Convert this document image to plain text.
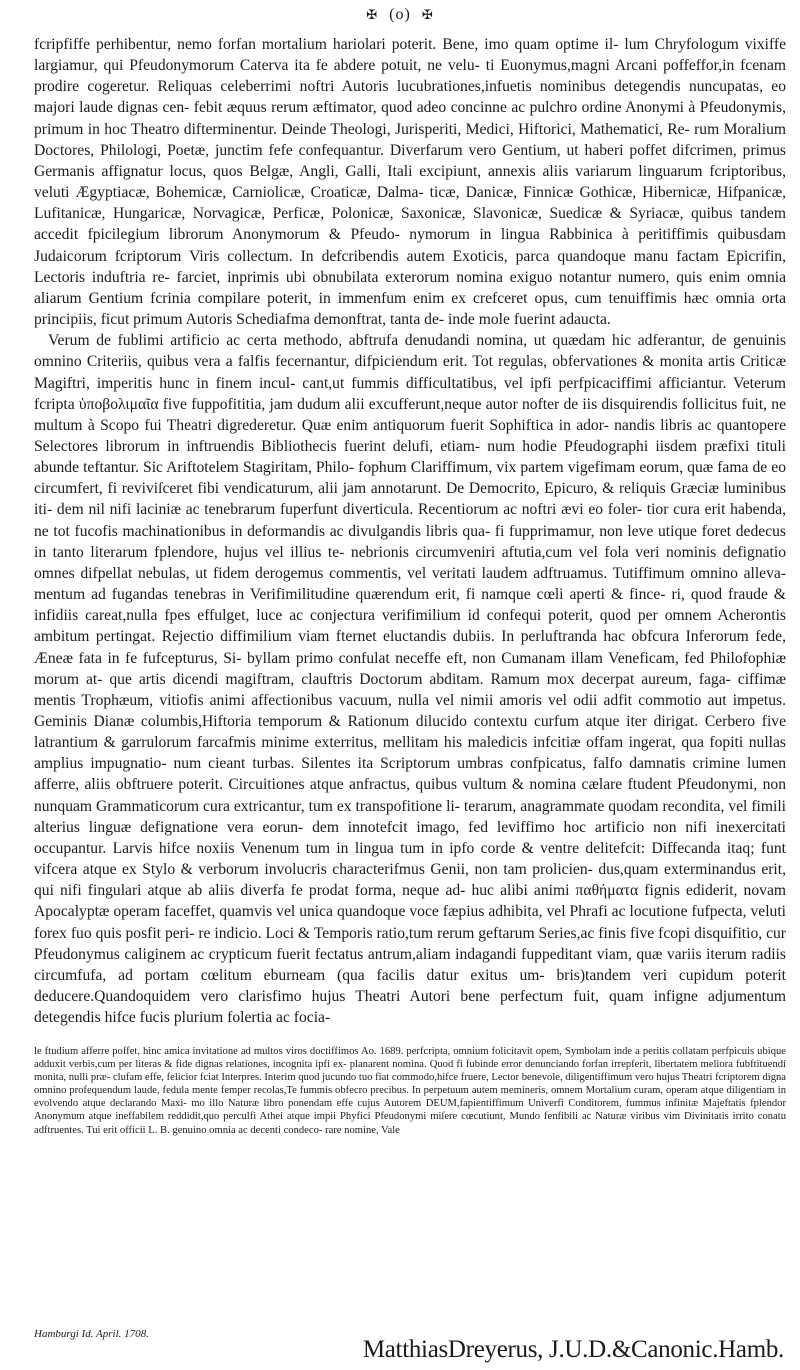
✠ (o) ✠

fcripfiffe perhibentur, nemo forfan mortalium hariolari poterit. Bene, imo quam optime il- lum Chryfologum vixiffe largiamur, qui Pfeudonymorum Caterva ita fe abdere potuit, ne velu- ti Euonymus,magni Arcani poffeffor,in fcenam prodire cogeretur. Reliquas celeberrimi noftri Autoris lucubrationes,infuetis nominibus detegendis nuncupatas, eo majori laude dignas cen- febit æquus rerum æftimator, quod adeo concinne ac pulchro ordine Anonymi à Pfeudonymis, primum in hoc Theatro difterminentur. Deinde Theologi, Jurisperiti, Medici, Hiftorici, Mathematici, Re- rum Moralium Doctores, Philologi, Poetæ, junctim fefe confequantur. Diverfarum vero Gentium, ut haberi poffet difcrimen, primus Germanis affignatur locus, quos Belgæ, Angli, Galli, Itali excipiunt, annexis aliis variarum linguarum fcriptoribus, veluti Ægyptiacæ, Bohemicæ, Carniolicæ, Croaticæ, Dalma- ticæ, Danicæ, Finnicæ Gothicæ, Hibernicæ, Hifpanicæ, Lufitanicæ, Hungaricæ, Norvagicæ, Perficæ, Polonicæ, Saxonicæ, Slavonicæ, Suedicæ & Syriacæ, quibus tandem accedit fpicilegium librorum Anonymorum & Pfeudo- nymorum in lingua Rabbinica à peritiffimis quibusdam Judaicorum fcriptorum Viris collectum. In defcribendis autem Exoticis, parca quandoque manu factam Epicrifin, Lectoris induftria re- farciet, inprimis ubi obnubilata exterorum nomina exiguo notantur numero, quis enim omnia aliarum Gentium fcrinia compilare poterit, in immenfum enim ex crefceret opus, cum tenuiffimis hæc omnia orta principiis, ficut primum Autoris Schediafma demonftrat, tanta de- inde mole fuerint adaucta.

Verum de fublimi artificio ac certa methodo, abftrufa denudandi nomina, ut quædam hic adferantur, de genuinis omnino Criteriis, quibus vera a falfis fecernantur, difpiciendum erit. Tot regulas, obfervationes & monita artis Criticæ Magiftri, imperitis hunc in finem incul- cant,ut fummis difficultatibus, vel ipfi perfpicaciffimi afficiantur. Veterum fcripta ὑποβολιμαῖα five fuppofititia, jam dudum alii excufferunt,neque autor nofter de iis disquirendis follicitus fuit, ne multum à Scopo fui Theatri digrederetur. Quæ enim antiquorum fuerit Sophiftica in ador- nandis libris ac quantopere Selectores librorum in inftruendis Bibliothecis fuerint delufi, etiam- num hodie Pfeudographi iisdem præfixi tituli abunde teftantur. Sic Ariftotelem Stagiritam, Philo- fophum Clariffimum, vix partem vigefimam eorum, quæ fama de eo circumfert, fi reviviſceret fibi vendicaturum, alii jam annotarunt. De Democrito, Epicuro, & reliquis Græciæ luminibus iti- dem nil nifi laciniæ ac tenebrarum fuperfunt diverticula. Recentiorum ac noftri ævi eo foler- tior cura erit habenda, ne tot fucofis machinationibus in deformandis ac divulgandis libris qua- fi fupprimamur, non leve utique foret dedecus in tanto literarum fplendore, hujus vel illius te- nebrionis circumveniri aftutia,cum vel fola veri nominis defignatio omnes difpellat nebulas, ut fidem derogemus commentis, vel veritati laudem adftruamus. Tutiffimum omnino alleva- mentum ad fugandas tenebras in Verifimilitudine quærendum erit, fi namque cœli aperti & fince- ri, quod fraude & infidiis careat,nulla fpes effulget, luce ac conjectura verifimilium id confequi poterit, quod per omnem Acherontis ambitum pertingat. Rejectio diffimilium viam fternet eluctandis dubiis. In perluftranda hac obfcura Inferorum fede, Æneæ fata in fe fufcepturus, Si- byllam primo confulat neceffe eft, non Cumanam illam Veneficam, fed Philofophiæ morum at- que artis dicendi magiftram, clauftris Doctorum abditam. Ramum mox decerpat aureum, faga- ciffimæ mentis Trophæum, vitiofis animi affectionibus vacuum, nulla vel nimii amoris vel odii adfit commotio aut impetus. Geminis Dianæ columbis,Hiftoria temporum & Rationum dilucido contextu curfum atque iter dirigat. Cerbero five latrantium & garrulorum farcafmis minime exterritus, mellitam his maledicis infcitiæ offam ingerat, qua fopiti nullas amplius impugnatio- num cieant turbas. Silentes ita Scriptorum umbras confpicatus, falfo damnatis crimine lumen afferre, aliis obftruere poterit. Circuitiones atque anfractus, quibus vultum & nomina cælare ftudent Pfeudonymi, non nunquam Grammaticorum cura extricantur, tum ex transpofitione li- terarum, anagrammate quodam recondita, vel fimili alterius linguæ defignatione vera eorun- dem innotefcit imago, fed leviffimo hoc artificio non nifi inexercitati occupantur. Larvis hifce noxiis Venenum tum in lingua tum in ipfo corde & ventre delitefcit: Diffecanda itaq; funt vifcera atque ex Stylo & verborum involucris characterifmus Genii, non tam prolicien- dus,quam exterminandus erit, qui nifi fingulari atque ab aliis diverfa fe prodat forma, neque ad- huc alibi animi παθήματα fignis ediderit, novam Apocalyptæ operam faceffet, quamvis vel unica quandoque voce fæpius adhibita, vel Phrafi ac locutione fufpecta, veluti forex fuo quis posfit peri- re indicio. Loci & Temporis ratio,tum rerum geftarum Series,ac finis five fcopi disquifitio, cur Pfeudonymus caliginem ac crypticum fuerit fectatus antrum,aliam indagandi fuppeditant viam, quæ variis iterum radiis circumfufa, ad portam cœlitum eburneam (qua facilis datur exitus um- bris)tandem veri cupidum poterit deducere.Quandoquidem vero clarisfimo hujus Theatri Autori bene perfectum fuit, quam infigne adjumentum detegendis hifce fucis plurium folertia ac focia-

le ftudium afferre poffet, hinc amica invitatione ad multos viros doctiffimos Ao. 1689. perfcripta, omnium folicitavit opem, Symbolam inde a peritis collatam perfpicuis ubique adduxit verbis,cum per literas & fide dignas relationes, incognita ipfi ex- planarent nomina. Quod fi fubinde error denunciando forfan irrepferit, libertatem meliora fubftituendi monita, nulli præ- clufam effe, felicior fciat Interpres. Interim quod jucundo tuo fiat commodo,hifce fruere, Lector benevole, diligentiffimum vero hujus Theatri fcriptorem digna omnino profequendum laude, fedula mente femper recolas,Te fummis obfecro precibus. In perpetuum autem memineris, omnem Mortalium curam, operam atque diligentiam in evolvendo atque declarando Maxi- mo illo Naturæ libro ponendam effe cujus Autorem DEUM,fapientiffimum Univerfi Conditorem, fummus infinitæ Majeftatis fplendor Anonymum atque ineffabilem reddidit,quo perculfi Athei atque impii Phyfici Pfeudonymi miſere cœcutiunt, Mundo fenfibili ac Naturæ viribus vim Divinitatis irrito conatu adftruentes. Tui erit officii L. B. genuino omnia ac decenti condeco- rare nomine, Vale
Hamburgi Id. April. 1708.
MatthiasDreyerus, J.U.D.&Canonic.Hamb.
